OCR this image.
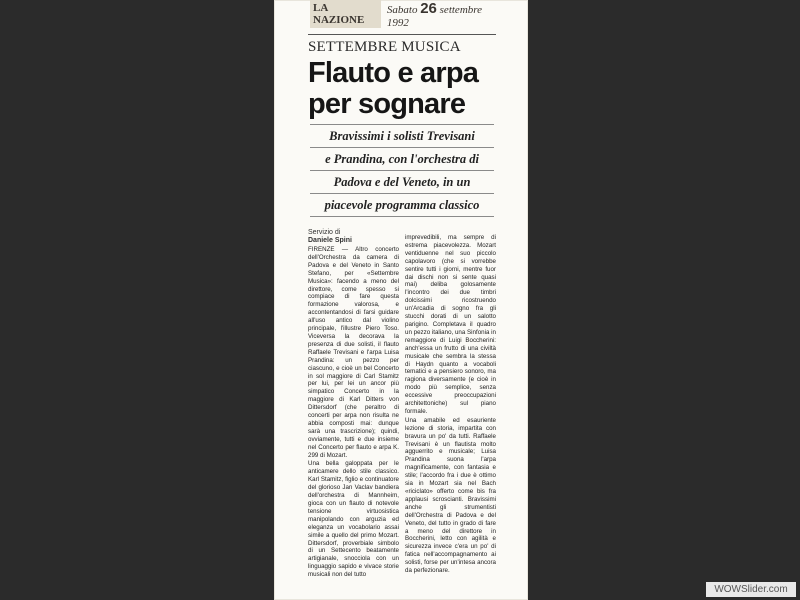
LA NAZIONE
Sabato 26 settembre 1992
SETTEMBRE MUSICA
Flauto e arpa
per sognare
Bravissimi i solisti Trevisani
e Prandina, con l'orchestra di
Padova e del Veneto, in un
piacevole programma classico
Servizio di
Daniele Spini

FIRENZE — Altro concerto dell'Orchestra da camera di Padova e del Veneto in Santo Stefano, per «Settembre Musica»: facendo a meno del direttore, come spesso si compiace di fare questa formazione valorosa, e accontentandosi di farsi guidare all'uso antico dal violino principale, l'illustre Piero Toso. Viceversa la decorava la presenza di due solisti, il flauto Raffaele Trevisani e l'arpa Luisa Prandina: un pezzo per ciascuno, e cioè un bel Concerto in sol maggiore di Carl Stamitz per lui, per lei un ancor più simpatico Concerto in la maggiore di Karl Ditters von Dittersdorf (che peraltro di concerti per arpa non risulta ne abbia composti mai: dunque sarà una trascrizione); quindi, ovviamente, tutti e due insieme nel Concerto per flauto e arpa K. 299 di Mozart.

Una bella galoppata per le anticamere dello stile classico. Karl Stamitz, figlio e continuatore del glorioso Jan Vaclav bandiera dell'orchestra di Mannheim, gioca con un flauto di notevole tensione virtuosistica manipolando con arguzia ed eleganza un vocabolario assai simile a quello del primo Mozart. Dittersdorf, proverbiale simbolo di un Settecento beatamente artigianale, snocciola con un linguaggio sapido e vivace storie musicali non del tutto

imprevedibili, ma sempre di estrema piacevolezza. Mozart ventiduenne nel suo piccolo capolavoro (che si vorrebbe sentire tutti i giorni, mentre fuor dai dischi non si sente quasi mai) delibа golosamente l'incontro dei due timbri dolcissimi ricostruendo un'Arcadia di sogno fra gli stucchi dorati di un salotto parigino. Completava il quadro un pezzo italiano, una Sinfonia in remaggiore di Luigi Boccherini: anch'essa un frutto di una civiltà musicale che sembra la stessa di Haydn quanto a vocaboli tematici e a pensiero sonoro, ma ragiona diversamente (e cioè in modo più semplice, senza eccessive preoccupazioni architettoniche) sul piano formale.

Una amabile ed esauriente lezione di storia, impartita con bravura un po' da tutti. Raffaele Trevisani è un flautista molto agguerrito e musicale; Luisa Prandina suona l'arpa magnificamente, con fantasia e stile; l'accordo fra i due è ottimo sia in Mozart sia nel Bach «riciclato» offerto come bis fra applausi scroscianti. Bravissimi anche gli strumentisti dell'Orchestra di Padova e del Veneto, del tutto in grado di fare a meno del direttore in Boccherini, letto con agilità e sicurezza invece c'era un po' di fatica nell'accompagnamento ai solisti, forse per un'intesa ancora da perfezionare.

WOWSlider.com
